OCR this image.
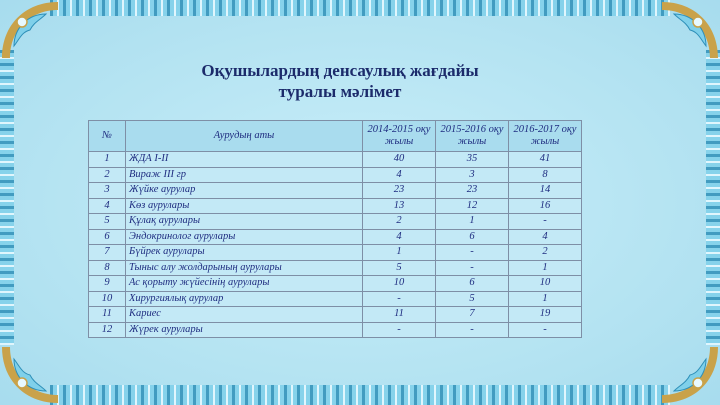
Оқушылардың денсаулық жағдайы
туралы мәлімет
№	Аурудың аты	2014-2015 оқу жылы	2015-2016 оқу жылы	2016-2017 оқу жылы
1	ЖДА І-ІІ	40	35	41
2	Вираж ІІІ гр	4	3	8
3	Жүйке аурулар	23	23	14
4	Көз аурулары	13	12	16
5	Құлақ аурулары	2	1	-
6	Эндокринолог аурулары	4	6	4
7	Бүйрек аурулары	1	-	2
8	Тыныс алу жолдарының аурулары	5	-	1
9	Ас қорыту жүйесінің аурулары	10	6	10
10	Хирургиялық аурулар	-	5	1
11	Кариес	11	7	19
12	Жүрек аурулары	-	-	-
